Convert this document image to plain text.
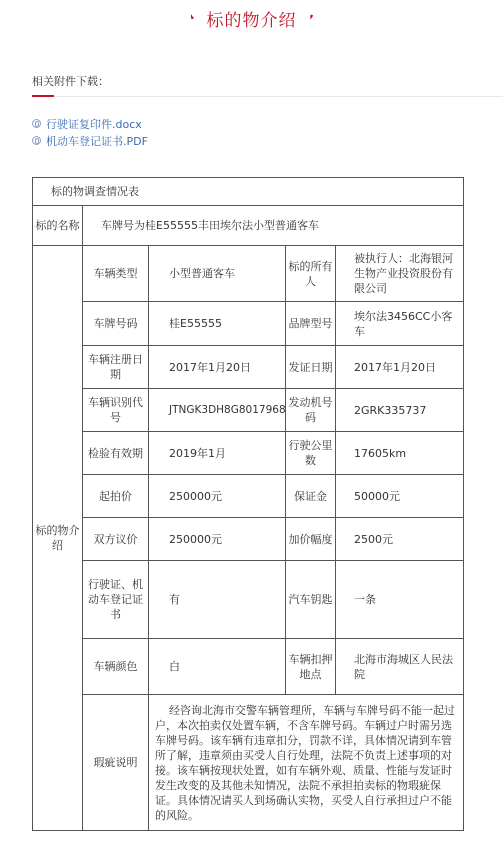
❛ 标的物介绍 ❜
相关附件下载：
行驶证复印件.docx
机动车登记证书.PDF
标的物调查情况表				
标的名称	车牌号为桂E55555丰田埃尔法小型普通客车			
标的物介绍	车辆类型	小型普通客车	标的所有人	被执行人：北海银河生物产业投资股份有限公司
	车牌号码	桂E55555	品牌型号	埃尔法3456CC小客车
	车辆注册日期	2017年1月20日	发证日期	2017年1月20日
	车辆识别代号	JTNGK3DH8G8017968	发动机号码	2GRK335737
	检验有效期	2019年1月	行驶公里数	17605km
	起拍价	250000元	保证金	50000元
	双方议价	250000元	加价幅度	2500元
	行驶证、机动车登记证书	有	汽车钥匙	一条
	车辆颜色	白	车辆扣押地点	北海市海城区人民法院
	瑕疵说明	经咨询北海市交警车辆管理所，车辆与车牌号码不能一起过户，本次拍卖仅处置车辆，不含车牌号码。车辆过户时需另选车牌号码。该车辆有违章扣分，罚款不详，具体情况请到车管所了解，违章须由买受人自行处理，法院不负责上述事项的对接。该车辆按现状处置，如有车辆外观、质量、性能与发证时发生改变的及其他未知情况，法院不承担拍卖标的物瑕疵保证。具体情况请买人到场确认实物，买受人自行承担过户不能的风险。		
